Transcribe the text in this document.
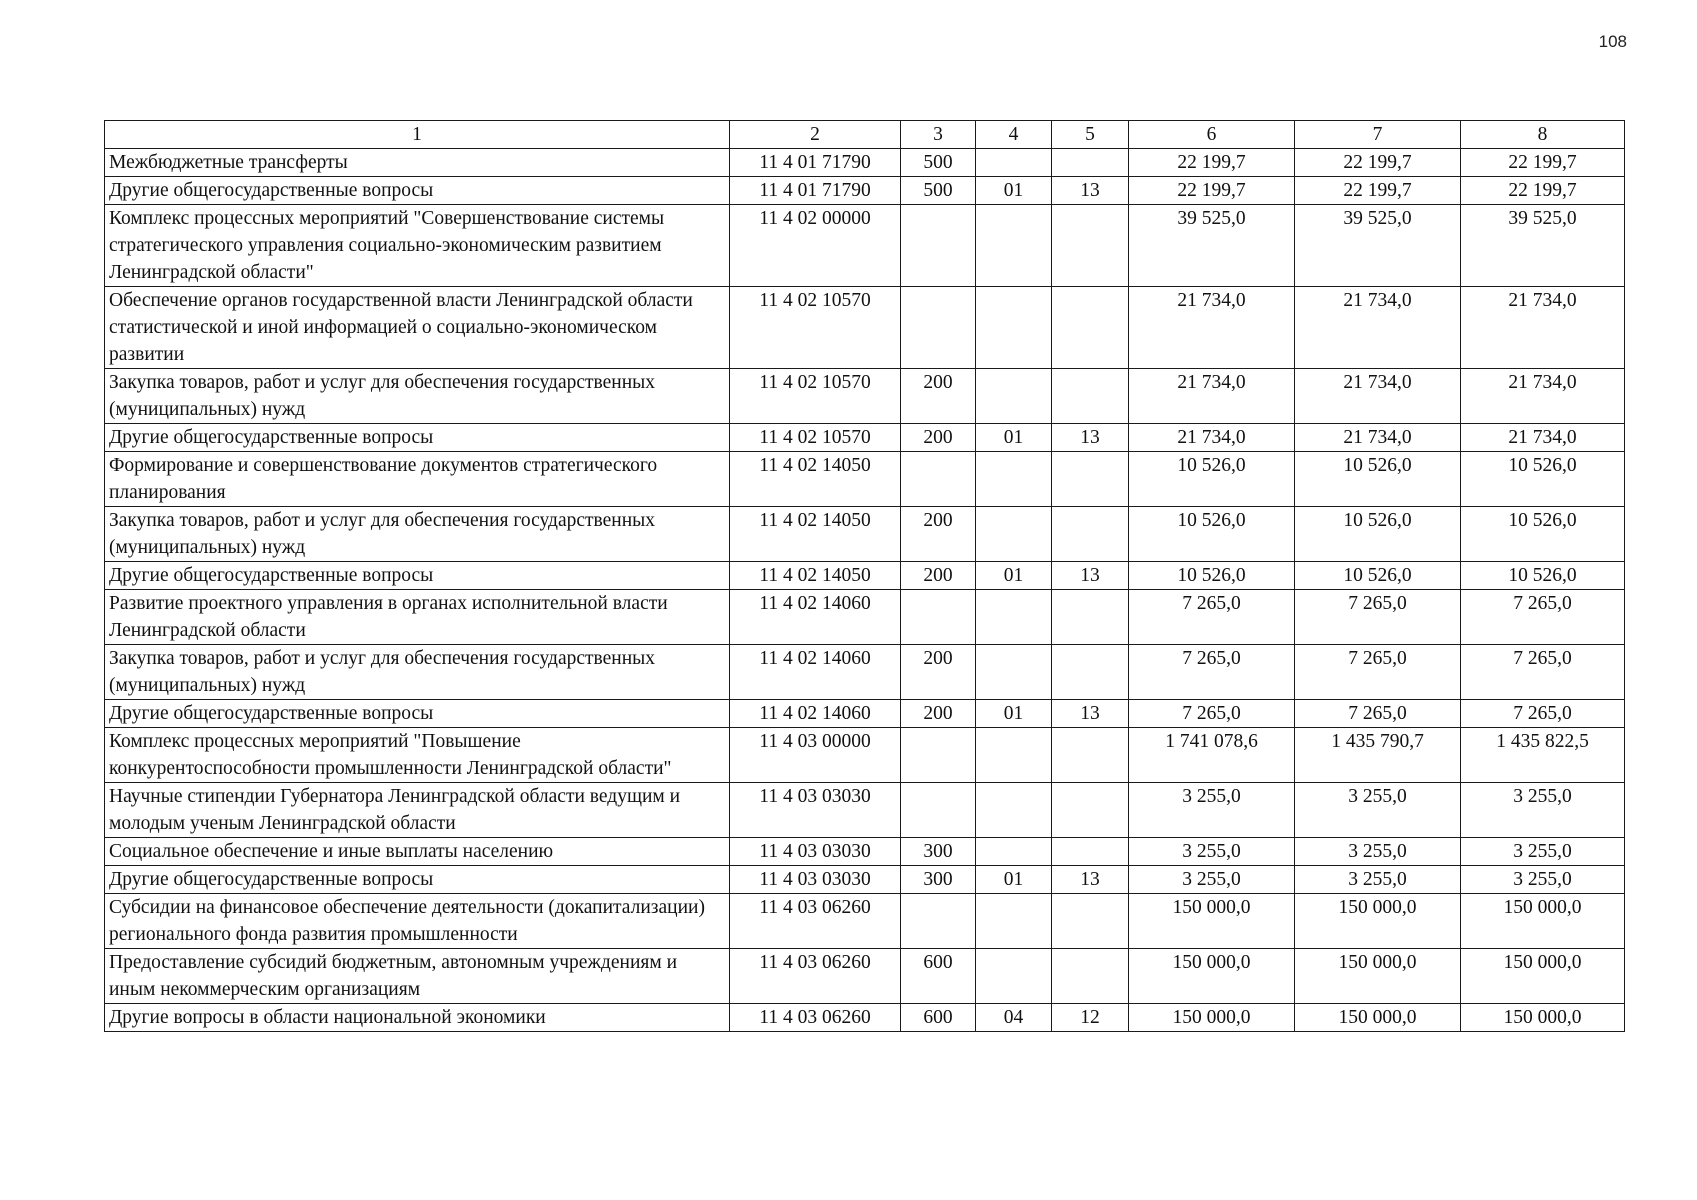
108
1	2	3	4	5	6	7	8
Межбюджетные трансферты	11 4 01 71790	500			22 199,7	22 199,7	22 199,7
Другие общегосударственные вопросы	11 4 01 71790	500	01	13	22 199,7	22 199,7	22 199,7
Комплекс процессных мероприятий "Совершенствование системы стратегического управления социально-экономическим развитием Ленинградской области"	11 4 02 00000				39 525,0	39 525,0	39 525,0
Обеспечение органов государственной власти Ленинградской области статистической и иной информацией о социально-экономическом развитии	11 4 02 10570				21 734,0	21 734,0	21 734,0
Закупка товаров, работ и услуг для обеспечения государственных (муниципальных) нужд	11 4 02 10570	200			21 734,0	21 734,0	21 734,0
Другие общегосударственные вопросы	11 4 02 10570	200	01	13	21 734,0	21 734,0	21 734,0
Формирование и совершенствование документов стратегического планирования	11 4 02 14050				10 526,0	10 526,0	10 526,0
Закупка товаров, работ и услуг для обеспечения государственных (муниципальных) нужд	11 4 02 14050	200			10 526,0	10 526,0	10 526,0
Другие общегосударственные вопросы	11 4 02 14050	200	01	13	10 526,0	10 526,0	10 526,0
Развитие проектного управления в органах исполнительной власти Ленинградской области	11 4 02 14060				7 265,0	7 265,0	7 265,0
Закупка товаров, работ и услуг для обеспечения государственных (муниципальных) нужд	11 4 02 14060	200			7 265,0	7 265,0	7 265,0
Другие общегосударственные вопросы	11 4 02 14060	200	01	13	7 265,0	7 265,0	7 265,0
Комплекс процессных мероприятий "Повышение конкурентоспособности промышленности Ленинградской области"	11 4 03 00000				1 741 078,6	1 435 790,7	1 435 822,5
Научные стипендии Губернатора Ленинградской области ведущим и молодым ученым Ленинградской области	11 4 03 03030				3 255,0	3 255,0	3 255,0
Социальное обеспечение и иные выплаты населению	11 4 03 03030	300			3 255,0	3 255,0	3 255,0
Другие общегосударственные вопросы	11 4 03 03030	300	01	13	3 255,0	3 255,0	3 255,0
Субсидии на финансовое обеспечение деятельности (докапитализации) регионального фонда развития промышленности	11 4 03 06260				150 000,0	150 000,0	150 000,0
Предоставление субсидий бюджетным, автономным учреждениям и иным некоммерческим организациям	11 4 03 06260	600			150 000,0	150 000,0	150 000,0
Другие вопросы в области национальной экономики	11 4 03 06260	600	04	12	150 000,0	150 000,0	150 000,0
